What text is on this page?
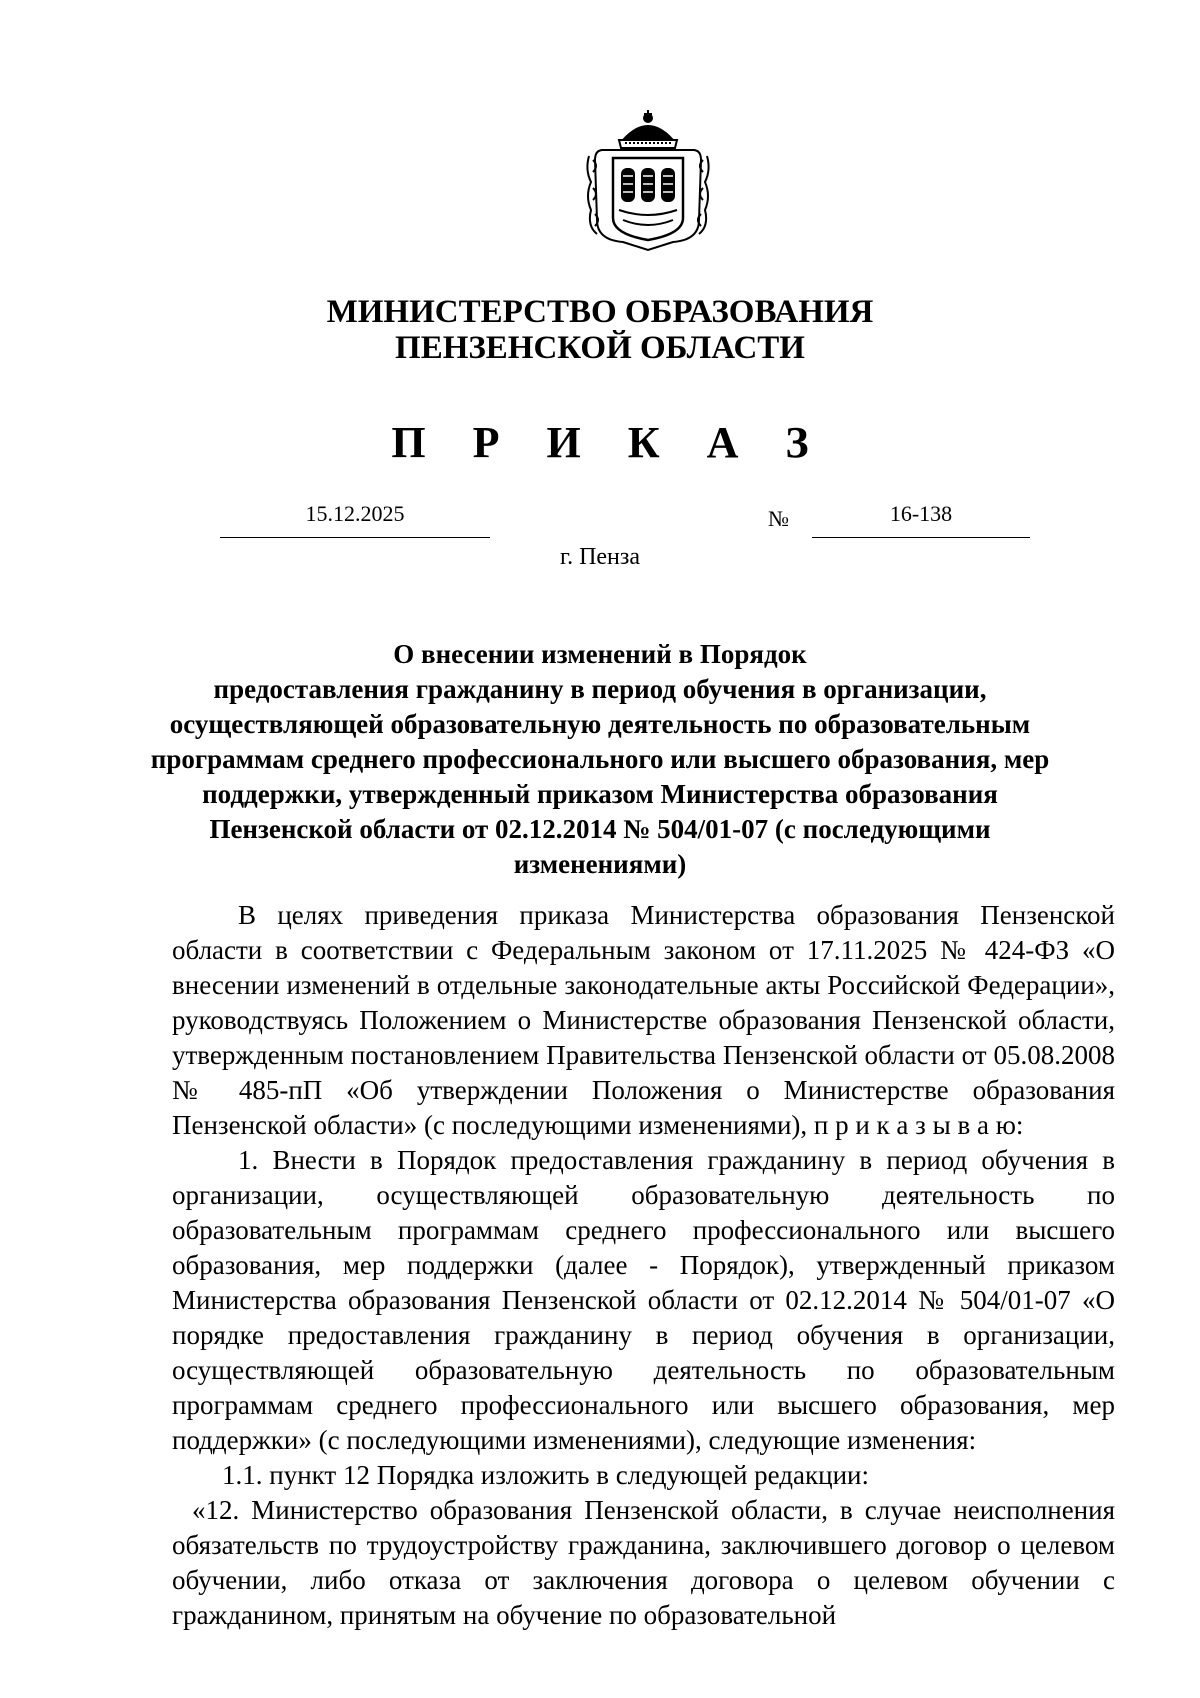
МИНИСТЕРСТВО ОБРАЗОВАНИЯ
ПЕНЗЕНСКОЙ ОБЛАСТИ
П Р И К А З
15.12.2025	№	16-138
г. Пенза
О внесении изменений в Порядок
предоставления гражданину в период обучения в организации,
осуществляющей образовательную деятельность по образовательным
программам среднего профессионального или высшего образования, мер
поддержки, утвержденный приказом Министерства образования
Пензенской области от 02.12.2014 № 504/01-07 (с последующими
изменениями)

В целях приведения приказа Министерства образования Пензенской области в соответствии с Федеральным законом от 17.11.2025 № 424-ФЗ «О внесении изменений в отдельные законодательные акты Российской Федерации», руководствуясь Положением о Министерстве образования Пензенской области, утвержденным постановлением Правительства Пензенской области от 05.08.2008 № 485-пП «Об утверждении Положения о Министерстве образования Пензенской области» (с последующими изменениями), п р и к а з ы в а ю:

1. Внести в Порядок предоставления гражданину в период обучения в организации, осуществляющей образовательную деятельность по образовательным программам среднего профессионального или высшего образования, мер поддержки (далее - Порядок), утвержденный приказом Министерства образования Пензенской области от 02.12.2014 № 504/01-07 «О порядке предоставления гражданину в период обучения в организации, осуществляющей образовательную деятельность по образовательным программам среднего профессионального или высшего образования, мер поддержки» (с последующими изменениями), следующие изменения:

1.1. пункт 12 Порядка изложить в следующей редакции:

«12. Министерство образования Пензенской области, в случае неисполнения обязательств по трудоустройству гражданина, заключившего договор о целевом обучении, либо отказа от заключения договора о целевом обучении с гражданином, принятым на обучение по образовательной
